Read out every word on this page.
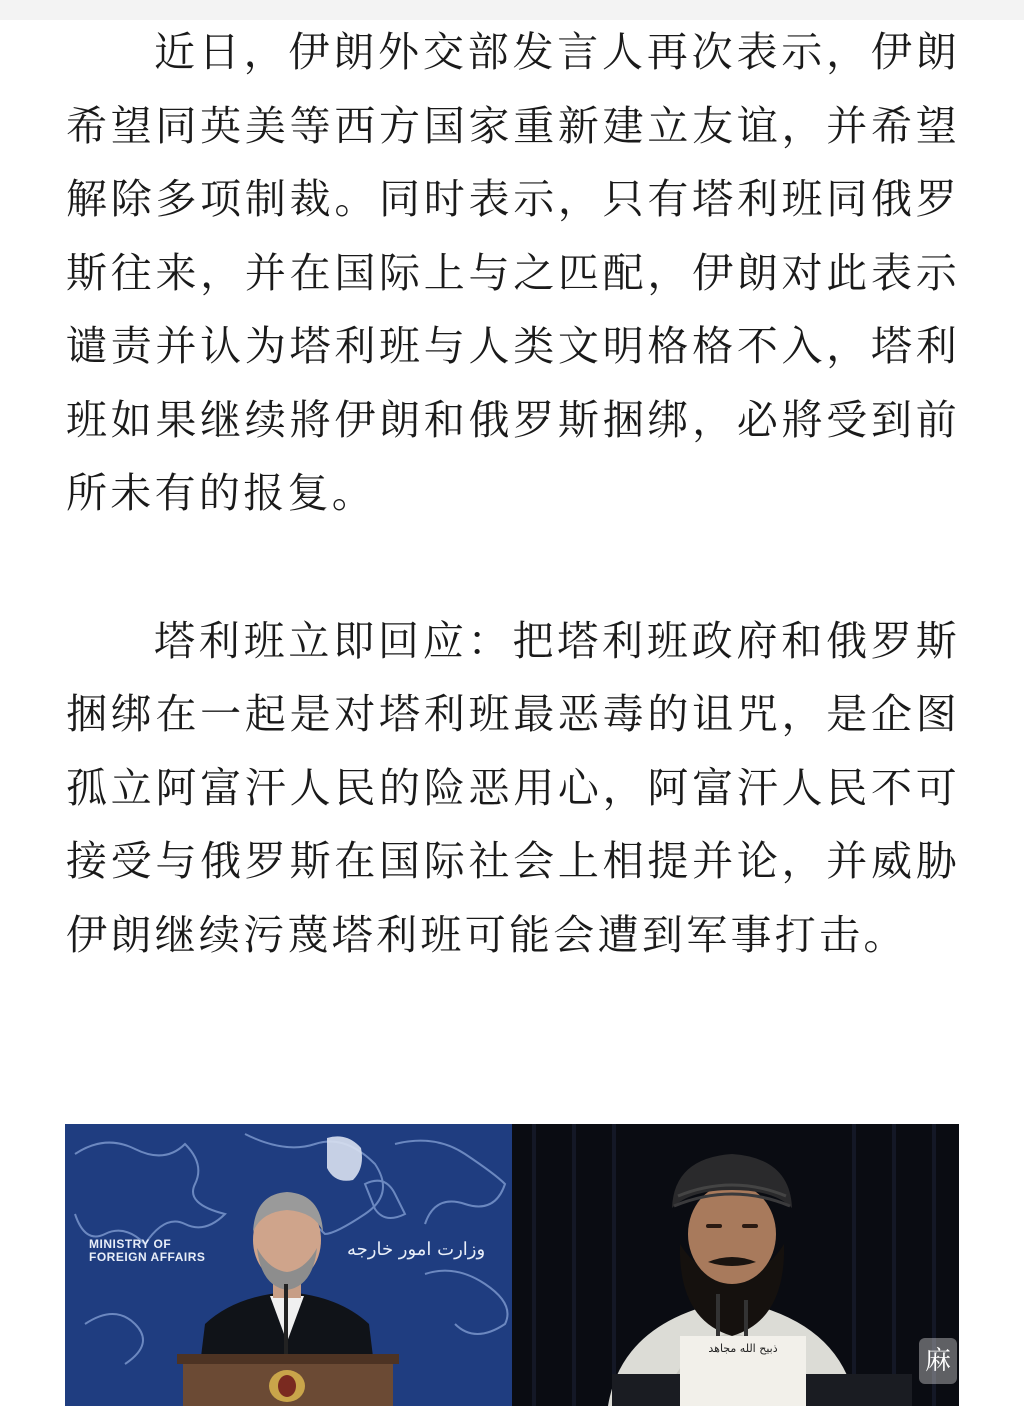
近日，伊朗外交部发言人再次表示，伊朗希望同英美等西方国家重新建立友谊，并希望解除多项制裁。同时表示，只有塔利班同俄罗斯往来，并在国际上与之匹配，伊朗对此表示谴责并认为塔利班与人类文明格格不入，塔利班如果继续將伊朗和俄罗斯捆绑，必將受到前所未有的报复。

塔利班立即回应：把塔利班政府和俄罗斯捆绑在一起是对塔利班最恶毒的诅咒，是企图孤立阿富汗人民的险恶用心，阿富汗人民不可接受与俄罗斯在国际社会上相提并论，并威胁伊朗继续污蔑塔利班可能会遭到军事打击。

MINISTRY OF
FOREIGN AFFAIRS	وزارت امور خارجه
ذبیح الله مجاهد	麻
